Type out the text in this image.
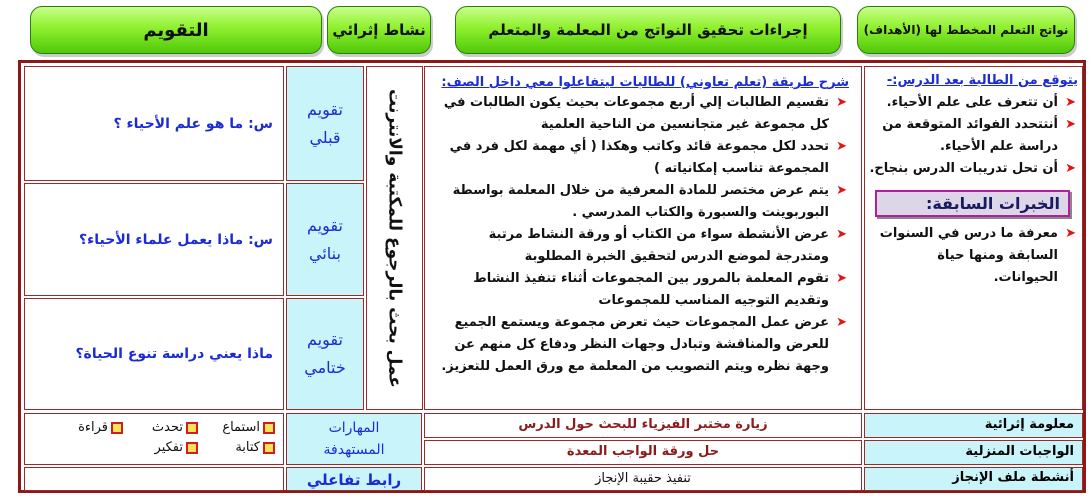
نواتج التعلم المخطط لها (الأهداف)
إجراءات تحقيق النواتج من المعلمة والمتعلم
نشاط إثرائي
التقويم
يتوقع من الطالبة بعد الدرس:-
➤
أن تتعرف على علم الأحياء.
➤
أنتتحدد الفوائد المتوقعة من دراسة علم الأحياء.
➤
أن تحل تدريبات الدرس بنجاح.
الخبرات السابقة:
➤
معرفة ما درس في السنوات السابقة ومنها حياة الحيوانات.
شرح طريقة (تعلم تعاوني) للطالبات ليتفاعلوا معي داخل الصف:
➤
تقسيم الطالبات إلي أربع مجموعات بحيث يكون الطالبات في كل مجموعة غير متجانسين من الناحية العلمية
➤
تحدد لكل مجموعة قائد وكاتب وهكذا ( أي مهمة لكل فرد في المجموعة تناسب إمكانياته )
➤
يتم عرض مختصر للمادة المعرفية من خلال المعلمة بواسطة البوربوينت والسبورة والكتاب المدرسي .
➤
عرض الأنشطة سواء من الكتاب أو ورقة النشاط مرتبة ومتدرجة لموضع الدرس لتحقيق الخبرة المطلوبة
➤
تقوم المعلمة بالمرور بين المجموعات أثناء تنفيذ النشاط وتقديم التوجيه المناسب للمجموعات
➤
عرض عمل المجموعات حيث تعرض مجموعة ويستمع الجميع للعرض والمناقشة وتبادل وجهات النظر ودفاع كل منهم عن وجهة نظره ويتم التصويب من المعلمة مع ورق العمل للتعزيز.
عمل بحث بالرجوع للمكتبة والانترنت
تقويم قبلي
تقويم بنائي
تقويم ختامي
س: ما هو علم الأحياء ؟
س: ماذا يعمل علماء الأحياء؟
ماذا يعني دراسة تنوع الحياة؟
معلومة إثرائية
زيارة مختبر الفيزياء للبحث حول الدرس
الواجبات المنزلية
حل ورقة الواجب المعدة
أنشطة ملف الإنجاز
تنفيذ حقيبة الإنجاز
المهارات المستهدفة
استماع
تحدث
قراءة
كتابة
تفكير
رابط تفاعلي
